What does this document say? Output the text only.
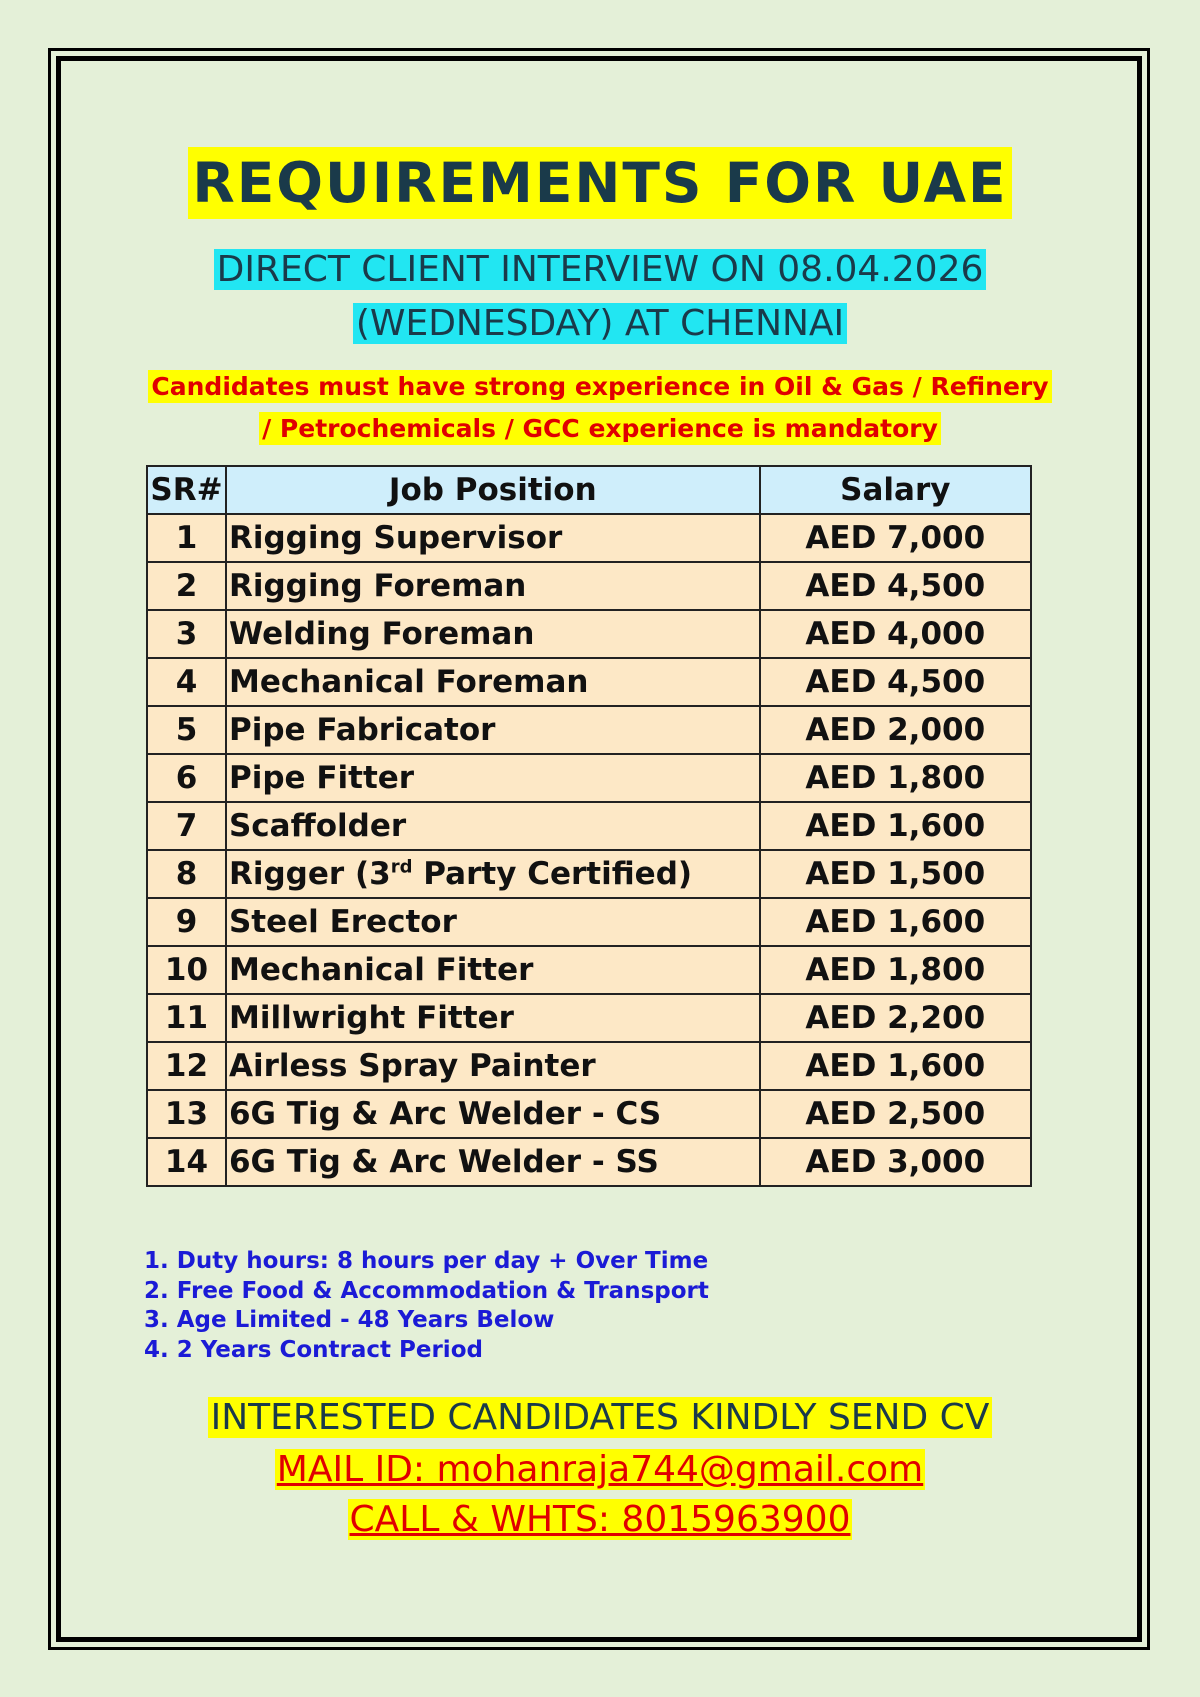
REQUIREMENTS FOR UAE
DIRECT CLIENT INTERVIEW ON 08.04.2026
(WEDNESDAY) AT CHENNAI
Candidates must have strong experience in Oil & Gas / Refinery
/ Petrochemicals / GCC experience is mandatory
SR#	Job Position	Salary
1	Rigging Supervisor	AED 7,000
2	Rigging Foreman	AED 4,500
3	Welding Foreman	AED 4,000
4	Mechanical Foreman	AED 4,500
5	Pipe Fabricator	AED 2,000
6	Pipe Fitter	AED 1,800
7	Scaffolder	AED 1,600
8	Rigger (3rd Party Certified)	AED 1,500
9	Steel Erector	AED 1,600
10	Mechanical Fitter	AED 1,800
11	Millwright Fitter	AED 2,200
12	Airless Spray Painter	AED 1,600
13	6G Tig & Arc Welder - CS	AED 2,500
14	6G Tig & Arc Welder - SS	AED 3,000
1. Duty hours: 8 hours per day + Over Time
2. Free Food & Accommodation & Transport
3. Age Limited - 48 Years Below
4. 2 Years Contract Period
INTERESTED CANDIDATES KINDLY SEND CV
MAIL ID: mohanraja744@gmail.com
CALL & WHTS: 8015963900
